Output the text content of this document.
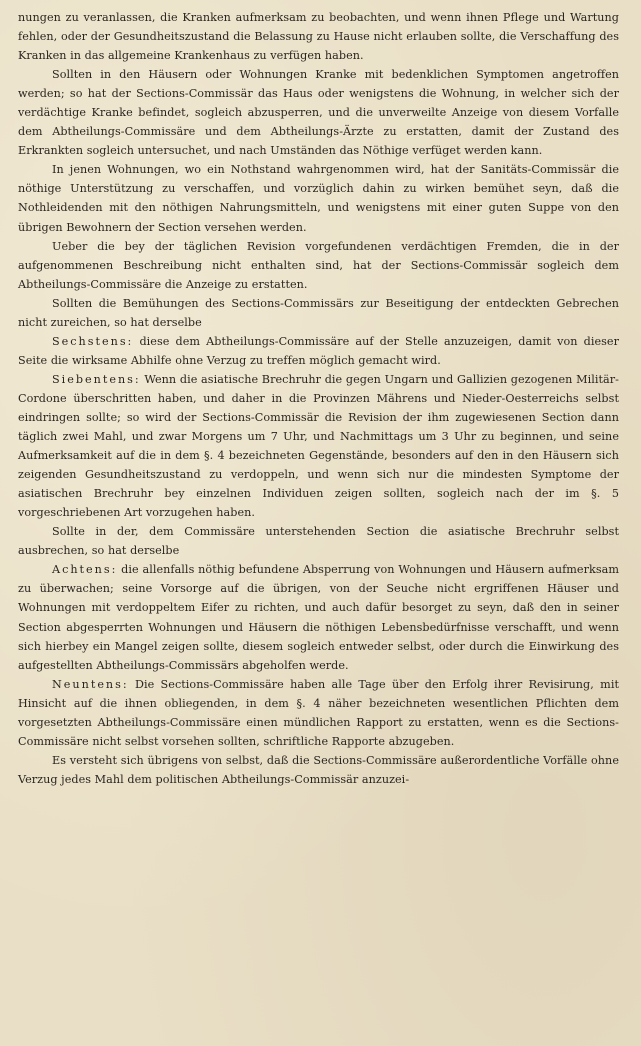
nungen zu veranlassen, die Kranken aufmerksam zu beobachten, und wenn ihnen Pflege und Wartung fehlen, oder der Gesundheitszustand die Belassung zu Hause nicht erlauben sollte, die Verschaffung des Kranken in das allgemeine Krankenhaus zu verfügen haben.

Sollten in den Häusern oder Wohnungen Kranke mit bedenklichen Symptomen angetroffen werden; so hat der Sections-Commissär das Haus oder wenigstens die Wohnung, in welcher sich der verdächtige Kranke befindet, sogleich abzusperren, und die unverweilte Anzeige von diesem Vorfalle dem Abtheilungs-Commissäre und dem Abtheilungs-Ärzte zu erstatten, damit der Zustand des Erkrankten sogleich untersuchet, und nach Umständen das Nöthige verfüget werden kann.

In jenen Wohnungen, wo ein Nothstand wahrgenommen wird, hat der Sanitäts-Commissär die nöthige Unterstützung zu verschaffen, und vorzüglich dahin zu wirken bemühet seyn, daß die Nothleidenden mit den nöthigen Nahrungsmitteln, und wenigstens mit einer guten Suppe von den übrigen Bewohnern der Section versehen werden.

Ueber die bey der täglichen Revision vorgefundenen verdächtigen Fremden, die in der aufgenommenen Beschreibung nicht enthalten sind, hat der Sections-Commissär sogleich dem Abtheilungs-Commissäre die Anzeige zu erstatten.

Sollten die Bemühungen des Sections-Commissärs zur Beseitigung der entdeckten Gebrechen nicht zureichen, so hat derselbe

Sechstens: diese dem Abtheilungs-Commissäre auf der Stelle anzuzeigen, damit von dieser Seite die wirksame Abhilfe ohne Verzug zu treffen möglich gemacht wird.

Siebentens: Wenn die asiatische Brechruhr die gegen Ungarn und Gallizien gezogenen Militär-Cordone überschritten haben, und daher in die Provinzen Mährens und Nieder-Oesterreichs selbst eindringen sollte; so wird der Sections-Commissär die Revision der ihm zugewiesenen Section dann täglich zwei Mahl, und zwar Morgens um 7 Uhr, und Nachmittags um 3 Uhr zu beginnen, und seine Aufmerksamkeit auf die in dem §. 4 bezeichneten Gegenstände, besonders auf den in den Häusern sich zeigenden Gesundheitszustand zu verdoppeln, und wenn sich nur die mindesten Symptome der asiatischen Brechruhr bey einzelnen Individuen zeigen sollten, sogleich nach der im §. 5 vorgeschriebenen Art vorzugehen haben.

Sollte in der, dem Commissäre unterstehenden Section die asiatische Brechruhr selbst ausbrechen, so hat derselbe

Achtens: die allenfalls nöthig befundene Absperrung von Wohnungen und Häusern aufmerksam zu überwachen; seine Vorsorge auf die übrigen, von der Seuche nicht ergriffenen Häuser und Wohnungen mit verdoppeltem Eifer zu richten, und auch dafür besorget zu seyn, daß den in seiner Section abgesperrten Wohnungen und Häusern die nöthigen Lebensbedürfnisse verschafft, und wenn sich hierbey ein Mangel zeigen sollte, diesem sogleich entweder selbst, oder durch die Einwirkung des aufgestellten Abtheilungs-Commissärs abgeholfen werde.

Neuntens: Die Sections-Commissäre haben alle Tage über den Erfolg ihrer Revisirung, mit Hinsicht auf die ihnen obliegenden, in dem §. 4 näher bezeichneten wesentlichen Pflichten dem vorgesetzten Abtheilungs-Commissäre einen mündlichen Rapport zu erstatten, wenn es die Sections-Commissäre nicht selbst vorsehen sollten, schriftliche Rapporte abzugeben.

Es versteht sich übrigens von selbst, daß die Sections-Commissäre außerordentliche Vorfälle ohne Verzug jedes Mahl dem politischen Abtheilungs-Commissär anzuzei-
